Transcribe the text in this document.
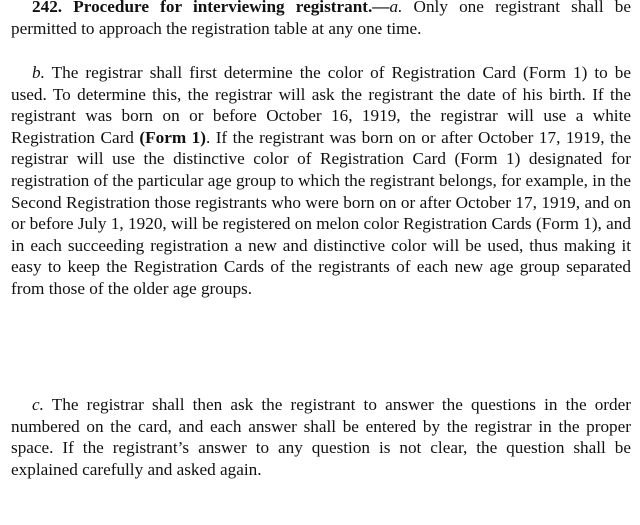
242. Procedure for interviewing registrant.—a. Only one registrant shall be permitted to approach the registration table at any one time.

b. The registrar shall first determine the color of Registration Card (Form 1) to be used. To determine this, the registrar will ask the registrant the date of his birth. If the registrant was born on or before October 16, 1919, the registrar will use a white Registration Card (Form 1). If the registrant was born on or after October 17, 1919, the registrar will use the distinctive color of Registration Card (Form 1) designated for registration of the particular age group to which the registrant belongs, for example, in the Second Registration those registrants who were born on or after October 17, 1919, and on or before July 1, 1920, will be registered on melon color Registration Cards (Form 1), and in each succeeding registration a new and distinctive color will be used, thus making it easy to keep the Registration Cards of the registrants of each new age group separated from those of the older age groups.

c. The registrar shall then ask the registrant to answer the questions in the order numbered on the card, and each answer shall be entered by the registrar in the proper space. If the registrant’s answer to any question is not clear, the question shall be explained carefully and asked again.
